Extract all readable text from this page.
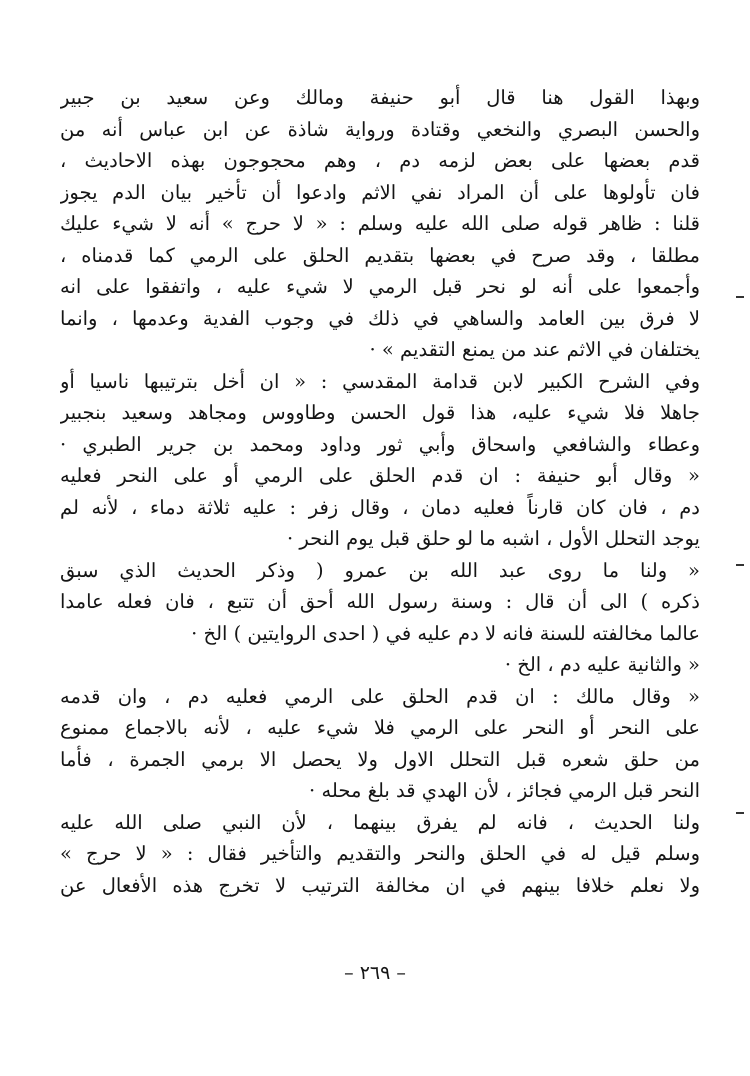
وبهذا القول هنا قال أبو حنيفة ومالك وعن سعيد بن جبير
والحسن البصري والنخعي وقتادة ورواية شاذة عن ابن عباس أنه من
قدم بعضها على بعض لزمه دم ، وهم محجوجون بهذه الاحاديث ،
فان تأولوها على أن المراد نفي الاثم وادعوا أن تأخير بيان الدم يجوز
قلنا : ظاهر قوله صلى الله عليه وسلم : « لا حرج » أنه لا شيء عليك
مطلقا ، وقد صرح في بعضها بتقديم الحلق على الرمي كما قدمناه ،
وأجمعوا على أنه لو نحر قبل الرمي لا شيء عليه ، واتفقوا على انه
لا فرق بين العامد والساهي في ذلك في وجوب الفدية وعدمها ، وانما
يختلفان في الاثم عند من يمنع التقديم » ·
وفي الشرح الكبير لابن قدامة المقدسي : « ان أخل بترتيبها ناسيا أو
جاهلا فلا شيء عليه، هذا قول الحسن وطاووس ومجاهد وسعيد بنجبير
وعطاء والشافعي واسحاق وأبي ثور وداود ومحمد بن جرير الطبري ·
« وقال أبو حنيفة : ان قدم الحلق على الرمي أو على النحر فعليه
دم ، فان كان قارناً فعليه دمان ، وقال زفر : عليه ثلاثة دماء ، لأنه لم
يوجد التحلل الأول ، اشبه ما لو حلق قبل يوم النحر ·
« ولنا ما روى عبد الله بن عمرو ( وذكر الحديث الذي سبق
ذكره ) الى أن قال : وسنة رسول الله أحق أن تتبع ، فان فعله عامدا
عالما مخالفته للسنة فانه لا دم عليه في ( احدى الروايتين ) الخ ·
« والثانية عليه دم ، الخ ·
« وقال مالك : ان قدم الحلق على الرمي فعليه دم ، وان قدمه
على النحر أو النحر على الرمي فلا شيء عليه ، لأنه بالاجماع ممنوع
من حلق شعره قبل التحلل الاول ولا يحصل الا برمي الجمرة ، فأما
النحر قبل الرمي فجائز ، لأن الهدي قد بلغ محله ·
ولنا الحديث ، فانه لم يفرق بينهما ، لأن النبي صلى الله عليه
وسلم قيل له في الحلق والنحر والتقديم والتأخير فقال : « لا حرج »
ولا نعلم خلافا بينهم في ان مخالفة الترتيب لا تخرج هذه الأفعال عن
– ٢٦٩ –
